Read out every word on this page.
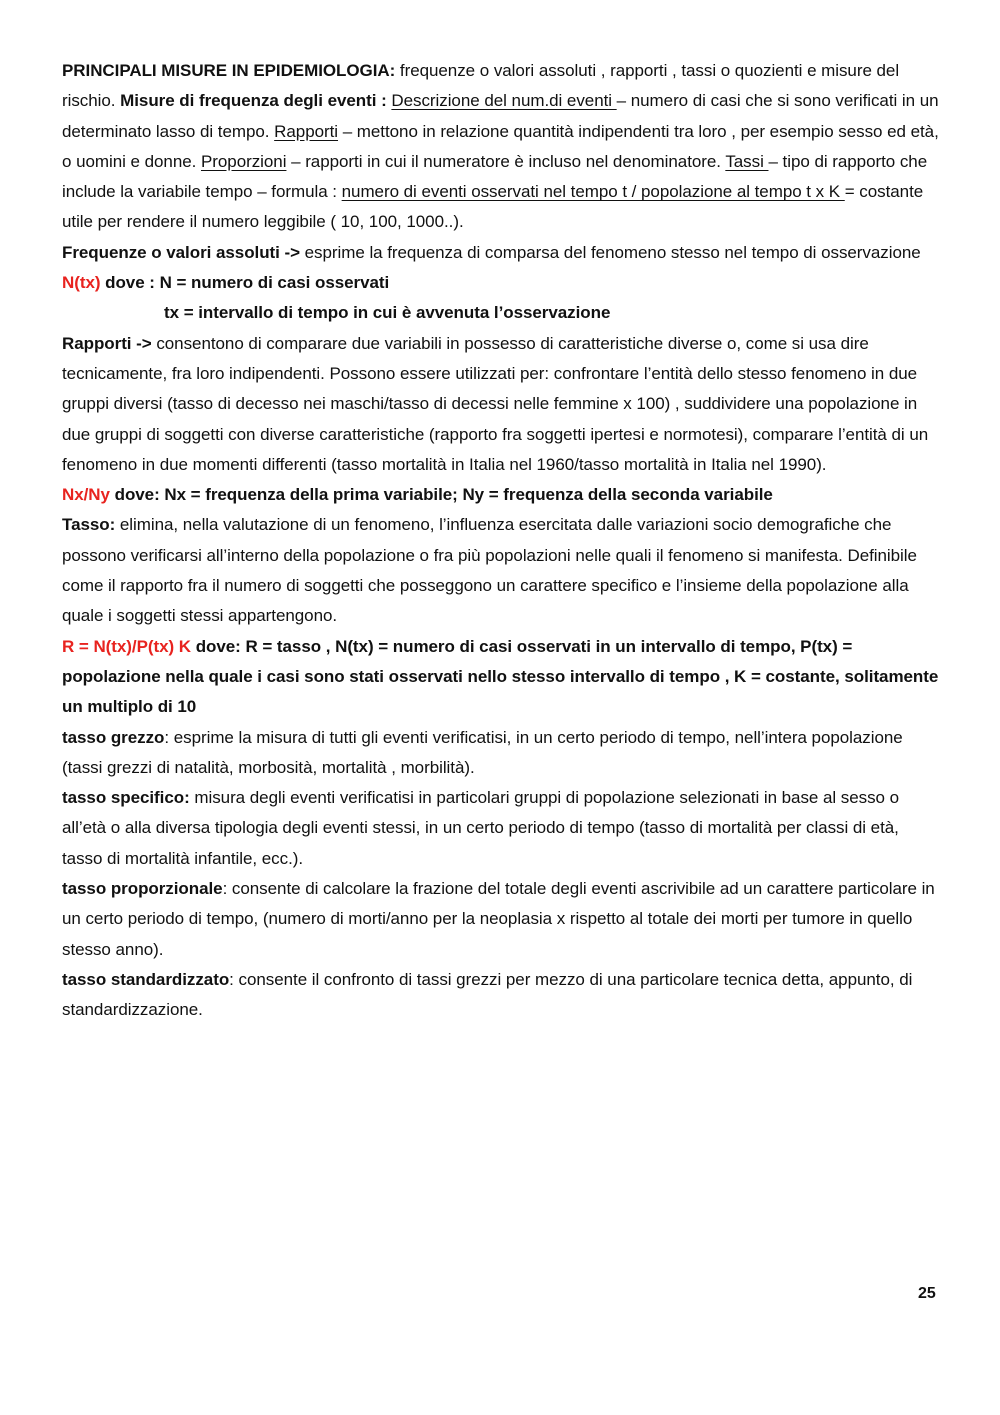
PRINCIPALI MISURE IN EPIDEMIOLOGIA: frequenze o valori assoluti , rapporti , tassi o quozienti e misure del rischio. Misure di frequenza degli eventi : Descrizione del num.di eventi – numero di casi che si sono verificati in un determinato lasso di tempo. Rapporti – mettono in relazione quantità indipendenti tra loro , per esempio sesso ed età, o uomini e donne. Proporzioni – rapporti in cui il numeratore è incluso nel denominatore. Tassi – tipo di rapporto che include la variabile tempo – formula : numero di eventi osservati nel tempo t / popolazione al tempo t x K = costante utile per rendere il numero leggibile ( 10, 100, 1000..).

Frequenze o valori assoluti -> esprime la frequenza di comparsa del fenomeno stesso nel tempo di osservazione

N(tx) dove : N = numero di casi osservati

tx = intervallo di tempo in cui è avvenuta l’osservazione

Rapporti -> consentono di comparare due variabili in possesso di caratteristiche diverse o, come si usa dire tecnicamente, fra loro indipendenti. Possono essere utilizzati per: confrontare l’entità dello stesso fenomeno in due gruppi diversi (tasso di decesso nei maschi/tasso di decessi nelle femmine x 100) , suddividere una popolazione in due gruppi di soggetti con diverse caratteristiche (rapporto fra soggetti ipertesi e normotesi), comparare l’entità di un fenomeno in due momenti differenti (tasso mortalità in Italia nel 1960/tasso mortalità in Italia nel 1990).

Nx/Ny dove: Nx = frequenza della prima variabile; Ny = frequenza della seconda variabile

Tasso: elimina, nella valutazione di un fenomeno, l’influenza esercitata dalle variazioni socio demografiche che possono verificarsi all’interno della popolazione o fra più popolazioni nelle quali il fenomeno si manifesta. Definibile come il rapporto fra il numero di soggetti che posseggono un carattere specifico e l’insieme della popolazione alla quale i soggetti stessi appartengono.

R = N(tx)/P(tx) K dove: R = tasso , N(tx) = numero di casi osservati in un intervallo di tempo, P(tx) = popolazione nella quale i casi sono stati osservati nello stesso intervallo di tempo , K = costante, solitamente un multiplo di 10

tasso grezzo: esprime la misura di tutti gli eventi verificatisi, in un certo periodo di tempo, nell’intera popolazione (tassi grezzi di natalità, morbosità, mortalità , morbilità).

tasso specifico: misura degli eventi verificatisi in particolari gruppi di popolazione selezionati in base al sesso o all’età o alla diversa tipologia degli eventi stessi, in un certo periodo di tempo (tasso di mortalità per classi di età, tasso di mortalità infantile, ecc.).

tasso proporzionale: consente di calcolare la frazione del totale degli eventi ascrivibile ad un carattere particolare in un certo periodo di tempo, (numero di morti/anno per la neoplasia x rispetto al totale dei morti per tumore in quello stesso anno).

tasso standardizzato: consente il confronto di tassi grezzi per mezzo di una particolare tecnica detta, appunto, di standardizzazione.

25
